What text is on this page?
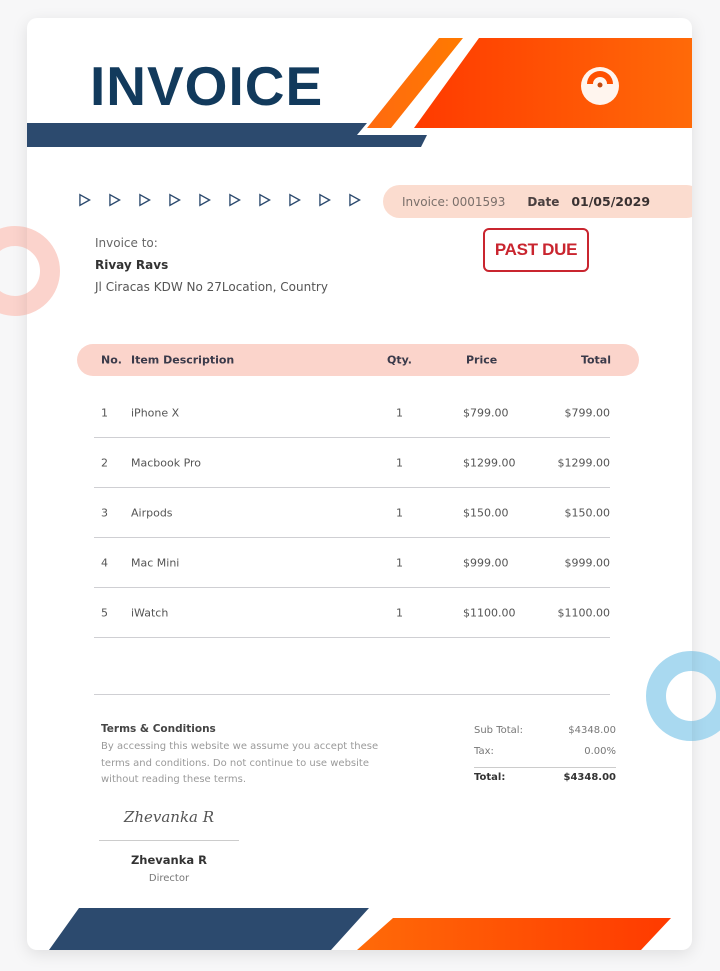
INVOICE
Invoice: 0001593 Date 01/05/2029
Invoice to:
Rivay Ravs
Jl Ciracas KDW No 27Location, Country
PAST DUE
No. Item Description	Qty.	Price	Total
1 iPhone X	1	$799.00	$799.00
2 Macbook Pro	1	$1299.00	$1299.00
3 Airpods	1	$150.00	$150.00
4 Mac Mini	1	$999.00	$999.00
5 iWatch	1	$1100.00	$1100.00
Terms & Conditions
By accessing this website we assume you accept these terms and conditions. Do not continue to use website without reading these terms.
Sub Total:	$4348.00
Tax:	0.00%
Total:	$4348.00
Zhevanka R
Zhevanka R
Director
